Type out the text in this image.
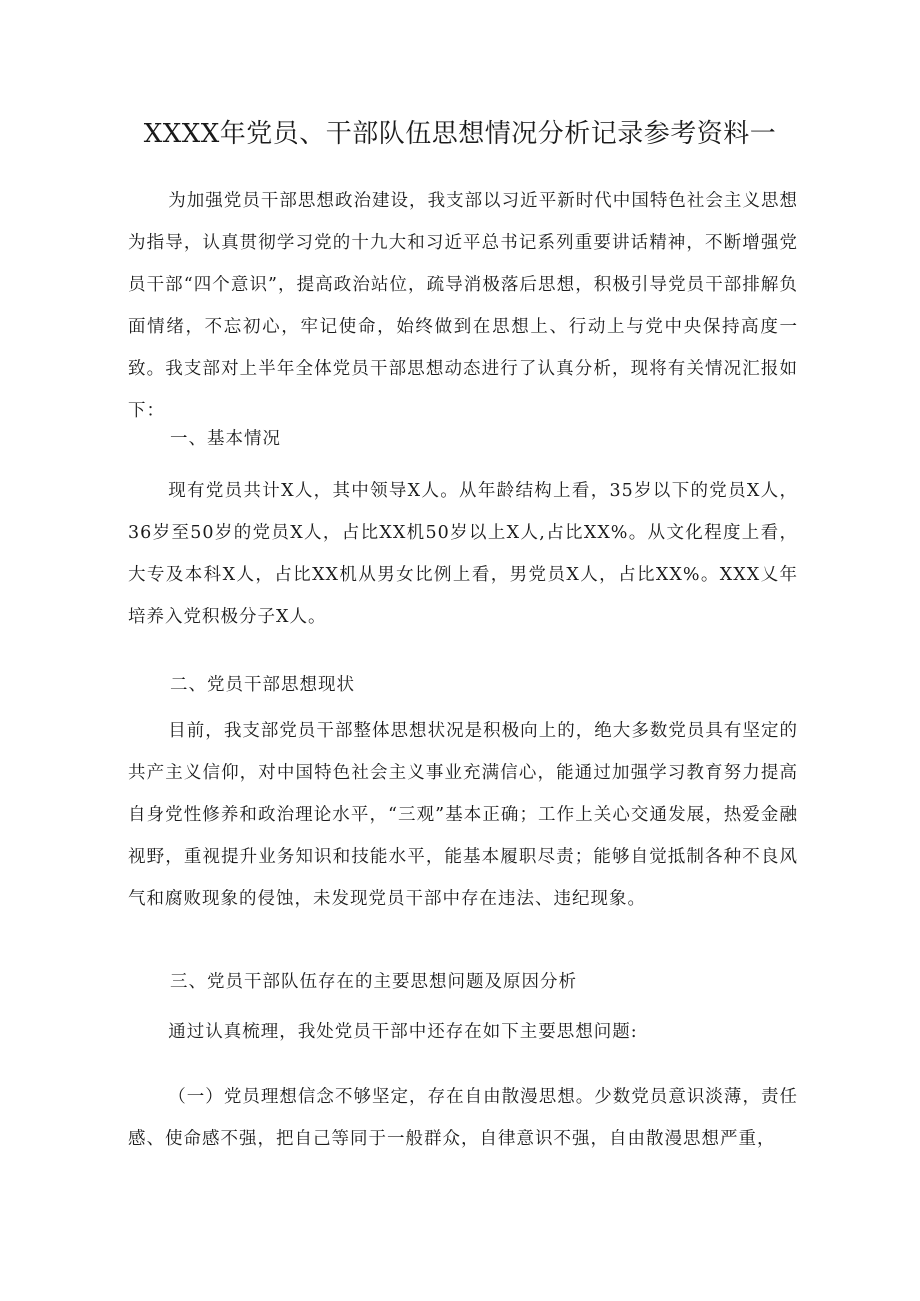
XXXX年党员、干部队伍思想情况分析记录参考资料一
为加强党员干部思想政治建设，我支部以习近平新时代中国特色社会主义思想为指导，认真贯彻学习党的十九大和习近平总书记系列重要讲话精神，不断增强党员干部“四个意识”，提高政治站位，疏导消极落后思想，积极引导党员干部排解负面情绪，不忘初心，牢记使命，始终做到在思想上、行动上与党中央保持高度一致。我支部对上半年全体党员干部思想动态进行了认真分析，现将有关情况汇报如下：
一、基本情况
现有党员共计X人，其中领导X人。从年龄结构上看，35岁以下的党员X人，36岁至50岁的党员X人，占比XX机50岁以上X人,占比XX%。从文化程度上看，大专及本科X人，占比XX机从男女比例上看，男党员X人，占比XX%。XXX乂年培养入党积极分子X人。
二、党员干部思想现状
目前，我支部党员干部整体思想状况是积极向上的，绝大多数党员具有坚定的共产主义信仰，对中国特色社会主义事业充满信心，能通过加强学习教育努力提高自身党性修养和政治理论水平，“三观”基本正确；工作上关心交通发展，热爱金融视野，重视提升业务知识和技能水平，能基本履职尽责；能够自觉抵制各种不良风气和腐败现象的侵蚀，未发现党员干部中存在违法、违纪现象。
三、党员干部队伍存在的主要思想问题及原因分析
通过认真梳理，我处党员干部中还存在如下主要思想问题:
（一）党员理想信念不够坚定，存在自由散漫思想。少数党员意识淡薄，责任感、使命感不强，把自己等同于一般群众，自律意识不强，自由散漫思想严重，
